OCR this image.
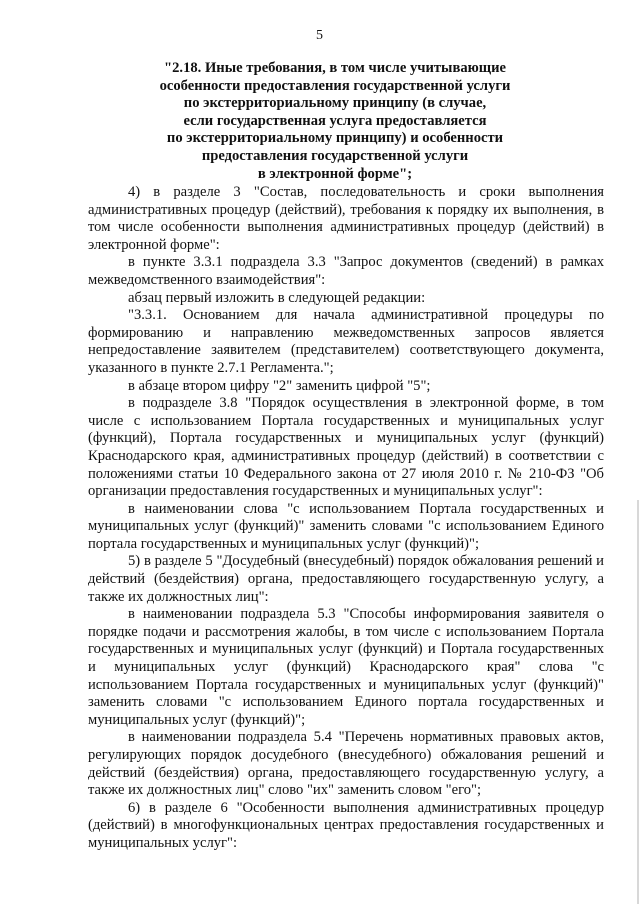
5
"2.18. Иные требования, в том числе учитывающие
особенности предоставления государственной услуги
по экстерриториальному принципу (в случае,
если государственная услуга предоставляется
по экстерриториальному принципу) и особенности
предоставления государственной услуги
в электронной форме";

4) в разделе 3 "Состав, последовательность и сроки выполнения административных процедур (действий), требования к порядку их выполнения, в том числе особенности выполнения административных процедур (действий) в электронной форме":

в пункте 3.3.1 подраздела 3.3 "Запрос документов (сведений) в рамках межведомственного взаимодействия":

абзац первый изложить в следующей редакции:

"3.3.1. Основанием для начала административной процедуры по формированию и направлению межведомственных запросов является непредоставление заявителем (представителем) соответствующего документа, указанного в пункте 2.7.1 Регламента.";

в абзаце втором цифру "2" заменить цифрой "5";

в подразделе 3.8 "Порядок осуществления в электронной форме, в том числе с использованием Портала государственных и муниципальных услуг (функций), Портала государственных и муниципальных услуг (функций) Краснодарского края, административных процедур (действий) в соответствии с положениями статьи 10 Федерального закона от 27 июля 2010 г. № 210-ФЗ "Об организации предоставления государственных и муниципальных услуг":

в наименовании слова "с использованием Портала государственных и муниципальных услуг (функций)" заменить словами "с использованием Единого портала государственных и муниципальных услуг (функций)";

5) в разделе 5 "Досудебный (внесудебный) порядок обжалования решений и действий (бездействия) органа, предоставляющего государственную услугу, а также их должностных лиц":

в наименовании подраздела 5.3 "Способы информирования заявителя о порядке подачи и рассмотрения жалобы, в том числе с использованием Портала государственных и муниципальных услуг (функций) и Портала государственных и муниципальных услуг (функций) Краснодарского края" слова "с использованием Портала государственных и муниципальных услуг (функций)" заменить словами "с использованием Единого портала государственных и муниципальных услуг (функций)";

в наименовании подраздела 5.4 "Перечень нормативных правовых актов, регулирующих порядок досудебного (внесудебного) обжалования решений и действий (бездействия) органа, предоставляющего государственную услугу, а также их должностных лиц" слово "их" заменить словом "его";

6) в разделе 6 "Особенности выполнения административных процедур (действий) в многофункциональных центрах предоставления государственных и муниципальных услуг":
